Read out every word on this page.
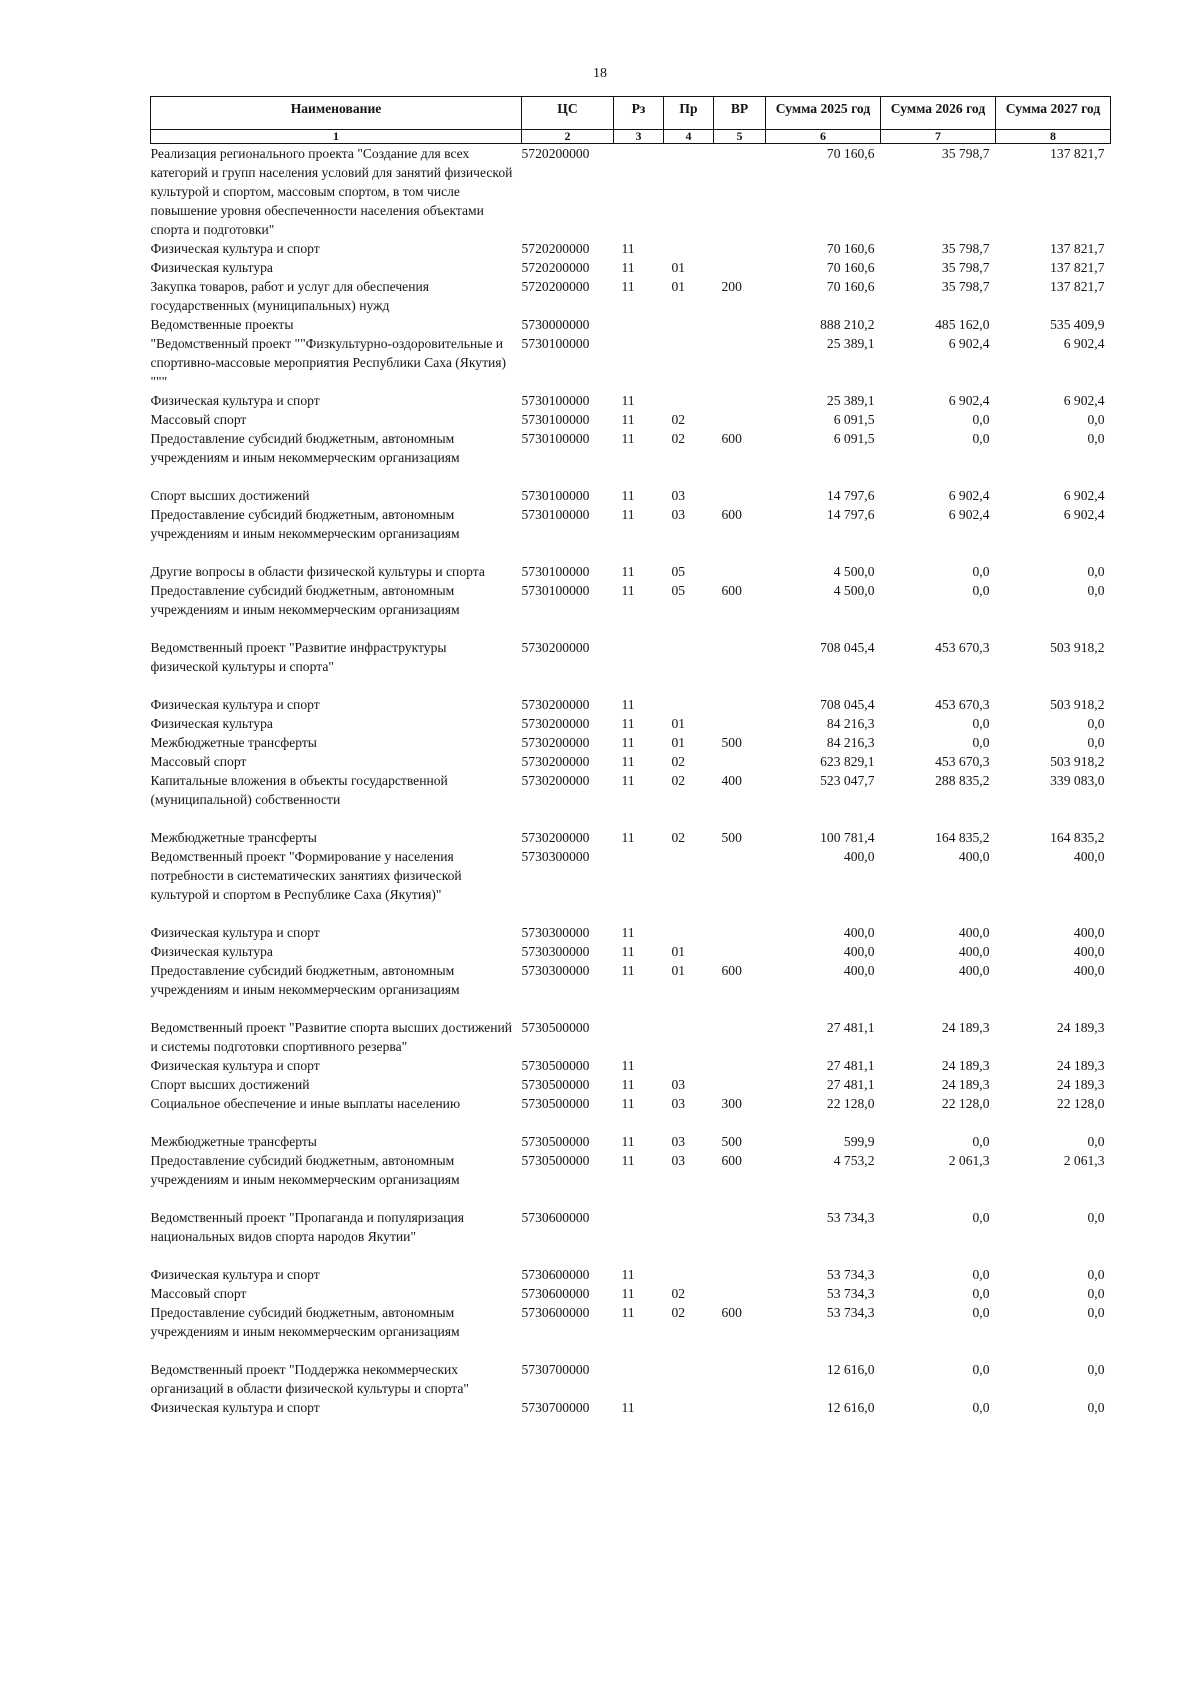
18
Наименование	ЦС	Рз	Пр	ВР	Сумма 2025 год	Сумма 2026 год	Сумма 2027 год
1	2	3	4	5	6	7	8
Реализация регионального проекта "Создание для всех категорий и групп населения условий для занятий физической культурой и спортом, массовым спортом, в том числе повышение уровня обеспеченности населения объектами спорта и подготовки"	5720200000				70 160,6	35 798,7	137 821,7
Физическая культура и спорт	5720200000	11			70 160,6	35 798,7	137 821,7
Физическая культура	5720200000	11	01		70 160,6	35 798,7	137 821,7
Закупка товаров, работ и услуг для обеспечения государственных (муниципальных) нужд	5720200000	11	01	200	70 160,6	35 798,7	137 821,7
Ведомственные проекты	5730000000				888 210,2	485 162,0	535 409,9
"Ведомственный проект ""Физкультурно-оздоровительные и спортивно-массовые мероприятия Республики Саха (Якутия) """	5730100000				25 389,1	6 902,4	6 902,4
Физическая культура и спорт	5730100000	11			25 389,1	6 902,4	6 902,4
Массовый спорт	5730100000	11	02		6 091,5	0,0	0,0
Предоставление субсидий бюджетным, автономным учреждениям и иным некоммерческим организациям	5730100000	11	02	600	6 091,5	0,0	0,0
Спорт высших достижений	5730100000	11	03		14 797,6	6 902,4	6 902,4
Предоставление субсидий бюджетным, автономным учреждениям и иным некоммерческим организациям	5730100000	11	03	600	14 797,6	6 902,4	6 902,4
Другие вопросы в области физической культуры и спорта	5730100000	11	05		4 500,0	0,0	0,0
Предоставление субсидий бюджетным, автономным учреждениям и иным некоммерческим организациям	5730100000	11	05	600	4 500,0	0,0	0,0
Ведомственный проект "Развитие инфраструктуры физической культуры и спорта"	5730200000				708 045,4	453 670,3	503 918,2
Физическая культура и спорт	5730200000	11			708 045,4	453 670,3	503 918,2
Физическая культура	5730200000	11	01		84 216,3	0,0	0,0
Межбюджетные трансферты	5730200000	11	01	500	84 216,3	0,0	0,0
Массовый спорт	5730200000	11	02		623 829,1	453 670,3	503 918,2
Капитальные вложения в объекты государственной (муниципальной) собственности	5730200000	11	02	400	523 047,7	288 835,2	339 083,0
Межбюджетные трансферты	5730200000	11	02	500	100 781,4	164 835,2	164 835,2
Ведомственный проект "Формирование у населения потребности в систематических занятиях физической культурой и спортом в Республике Саха (Якутия)"	5730300000				400,0	400,0	400,0
Физическая культура и спорт	5730300000	11			400,0	400,0	400,0
Физическая культура	5730300000	11	01		400,0	400,0	400,0
Предоставление субсидий бюджетным, автономным учреждениям и иным некоммерческим организациям	5730300000	11	01	600	400,0	400,0	400,0
Ведомственный проект "Развитие спорта высших достижений и системы подготовки спортивного резерва"	5730500000				27 481,1	24 189,3	24 189,3
Физическая культура и спорт	5730500000	11			27 481,1	24 189,3	24 189,3
Спорт высших достижений	5730500000	11	03		27 481,1	24 189,3	24 189,3
Социальное обеспечение и иные выплаты населению	5730500000	11	03	300	22 128,0	22 128,0	22 128,0
Межбюджетные трансферты	5730500000	11	03	500	599,9	0,0	0,0
Предоставление субсидий бюджетным, автономным учреждениям и иным некоммерческим организациям	5730500000	11	03	600	4 753,2	2 061,3	2 061,3
Ведомственный проект "Пропаганда и популяризация национальных видов спорта народов Якутии"	5730600000				53 734,3	0,0	0,0
Физическая культура и спорт	5730600000	11			53 734,3	0,0	0,0
Массовый спорт	5730600000	11	02		53 734,3	0,0	0,0
Предоставление субсидий бюджетным, автономным учреждениям и иным некоммерческим организациям	5730600000	11	02	600	53 734,3	0,0	0,0
Ведомственный проект "Поддержка некоммерческих организаций в области физической культуры и спорта"	5730700000				12 616,0	0,0	0,0
Физическая культура и спорт	5730700000	11			12 616,0	0,0	0,0
